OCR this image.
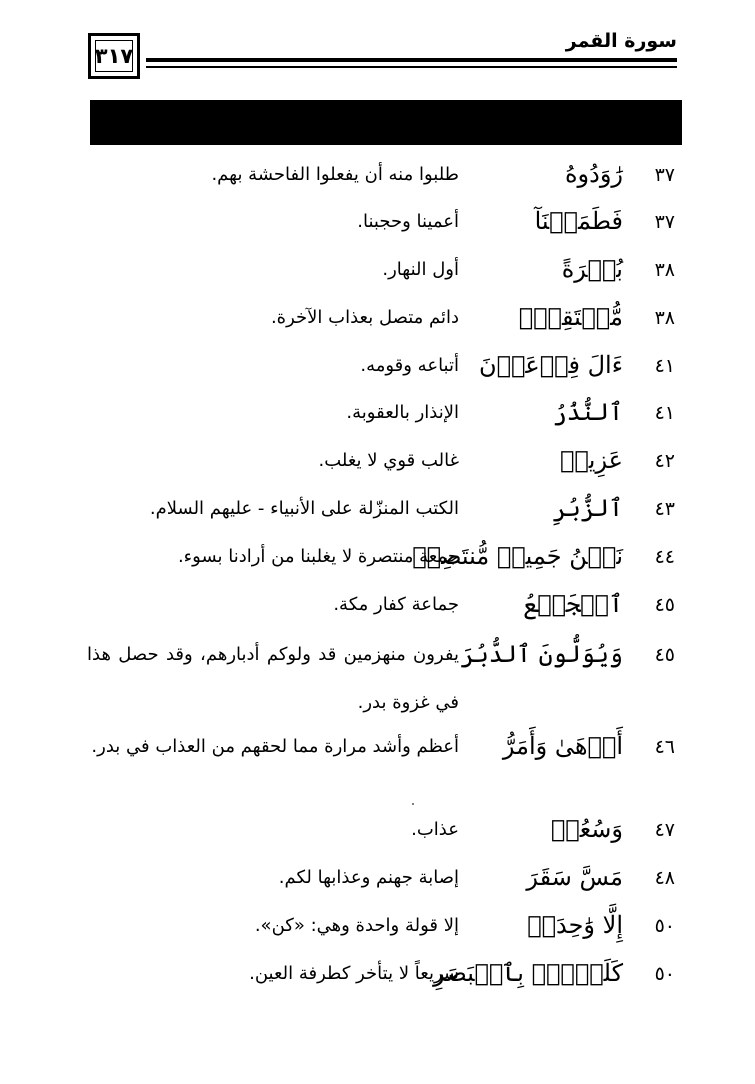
سورة القمر
٣١٧
٣٧
رَٰوَدُوهُ
طلبوا منه أن يفعلوا الفاحشة بهم.
٣٧
فَطَمَسۡنَآ
أعمينا وحجبنا.
٣٨
بُكۡرَةً
أول النهار.
٣٨
مُّسۡتَقِرّٞ
دائم متصل بعذاب الآخرة.
٤١
ءَالَ فِرۡعَوۡنَ
أتباعه وقومه.
٤١
ٱلنُّذُرُ
الإنذار بالعقوبة.
٤٢
عَزِيزٖ
غالب قوي لا يغلب.
٤٣
ٱلزُّبُرِ
الكتب المنزّلة على الأنبياء - عليهم السلام.
٤٤
نَحۡنُ جَمِيعٞ مُّنتَصِرٞ
جمعة منتصرة لا يغلبنا من أرادنا بسوء.
٤٥
ٱلۡجَمۡعُ
جماعة كفار مكة.
٤٥
وَيُوَلُّونَ ٱلدُّبُرَ
يفرون منهزمين قد ولوكم أدبارهم، وقد حصل هذا في غزوة بدر.
٤٦
أَدۡهَىٰ وَأَمَرُّ
أعظم وأشد مرارة مما لحقهم من العذاب في بدر.
٤٧
وَسُعُرٖ
عذاب.
٤٨
مَسَّ سَقَرَ
إصابة جهنم وعذابها لكم.
٥٠
إِلَّا وَٰحِدَةٞ
إلا قولة واحدة وهي: «كن».
٥٠
كَلَمۡحِۭ بِٱلۡبَصَرِ
سريعاً لا يتأخر كطرفة العين.
